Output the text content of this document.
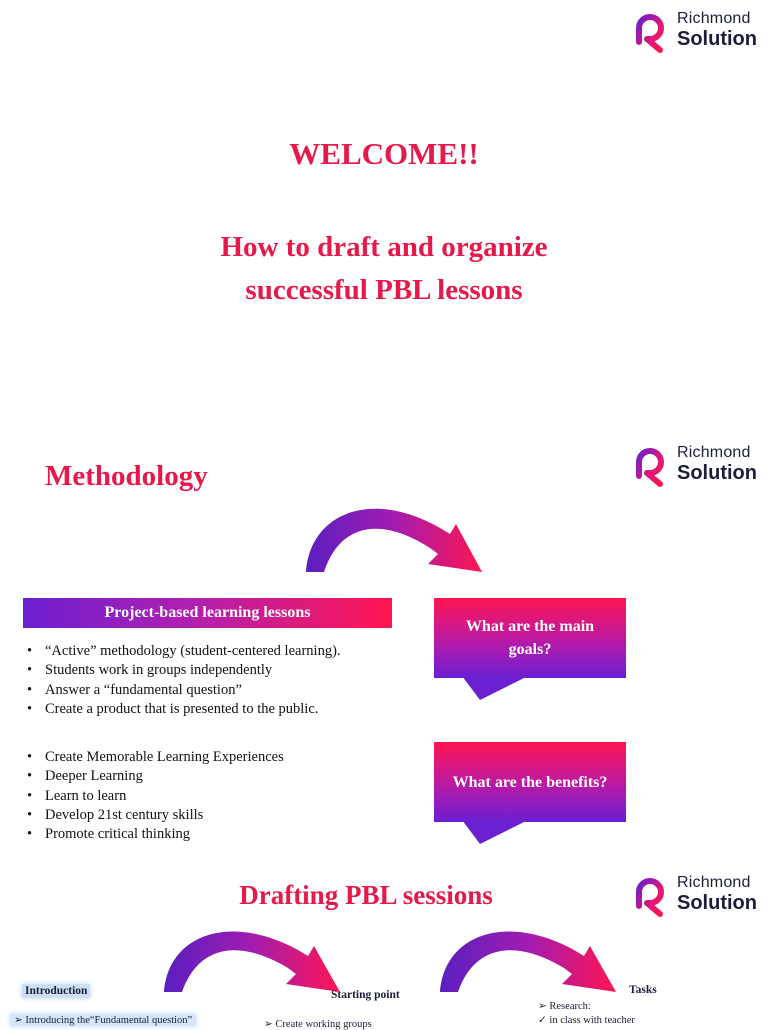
Richmond
Solution
WELCOME!!
How to draft and organize
successful PBL lessons
Richmond
Solution
Methodology
Project-based learning lessons
• “Active” methodology (student-centered learning).
• Students work in groups independently
• Answer a “fundamental question”
• Create a product that is presented to the public.
What are the main goals?
• Create Memorable Learning Experiences
• Deeper Learning
• Learn to learn
• Develop 21st century skills
• Promote critical thinking
What are the benefits?
Richmond
Solution
Drafting PBL sessions
Introduction
➢ Introducing the“Fundamental question”
Starting point
➢ Create working groups
Tasks
➢ Research:
✓ in class with teacher
